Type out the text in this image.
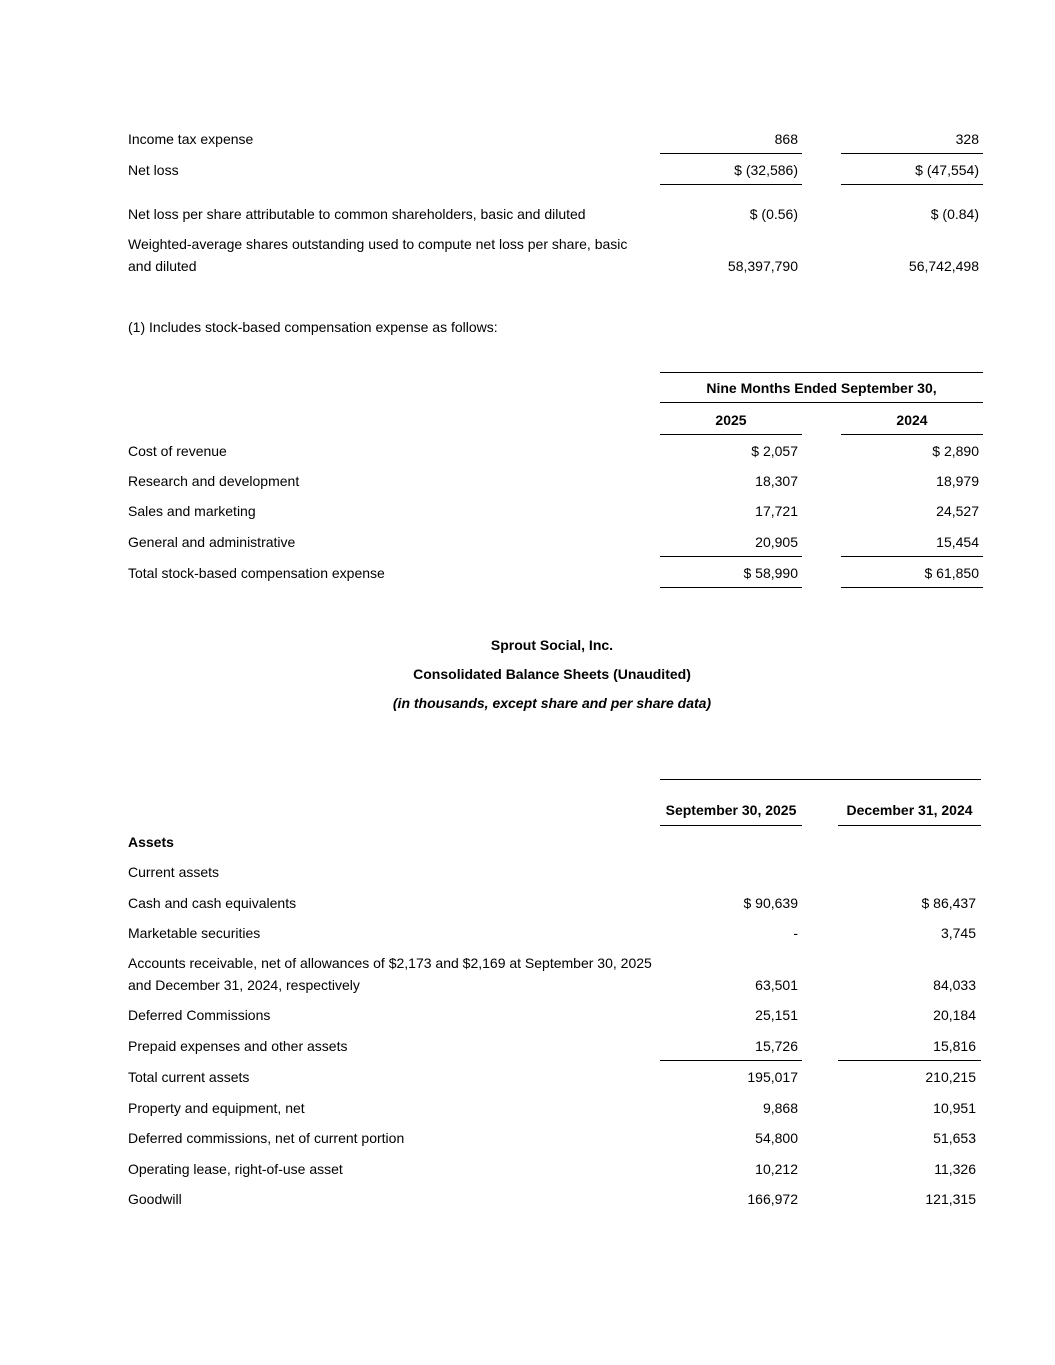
Income tax expense	868	328
Net loss	$ (32,586)	$ (47,554)
Net loss per share attributable to common shareholders, basic and diluted	$ (0.56)	$ (0.84)
Weighted-average shares outstanding used to compute net loss per share, basic and diluted	58,397,790	56,742,498
(1) Includes stock-based compensation expense as follows:
Nine Months Ended September 30,
2025	2024
Cost of revenue	$ 2,057	$ 2,890
Research and development	18,307	18,979
Sales and marketing	17,721	24,527
General and administrative	20,905	15,454
Total stock-based compensation expense	$ 58,990	$ 61,850
Sprout Social, Inc.
Consolidated Balance Sheets (Unaudited)
(in thousands, except share and per share data)
September 30, 2025	December 31, 2024
Assets
Current assets
Cash and cash equivalents	$ 90,639	$ 86,437
Marketable securities	-	3,745
Accounts receivable, net of allowances of $2,173 and $2,169 at September 30, 2025 and December 31, 2024, respectively	63,501	84,033
Deferred Commissions	25,151	20,184
Prepaid expenses and other assets	15,726	15,816
Total current assets	195,017	210,215
Property and equipment, net	9,868	10,951
Deferred commissions, net of current portion	54,800	51,653
Operating lease, right-of-use asset	10,212	11,326
Goodwill	166,972	121,315
